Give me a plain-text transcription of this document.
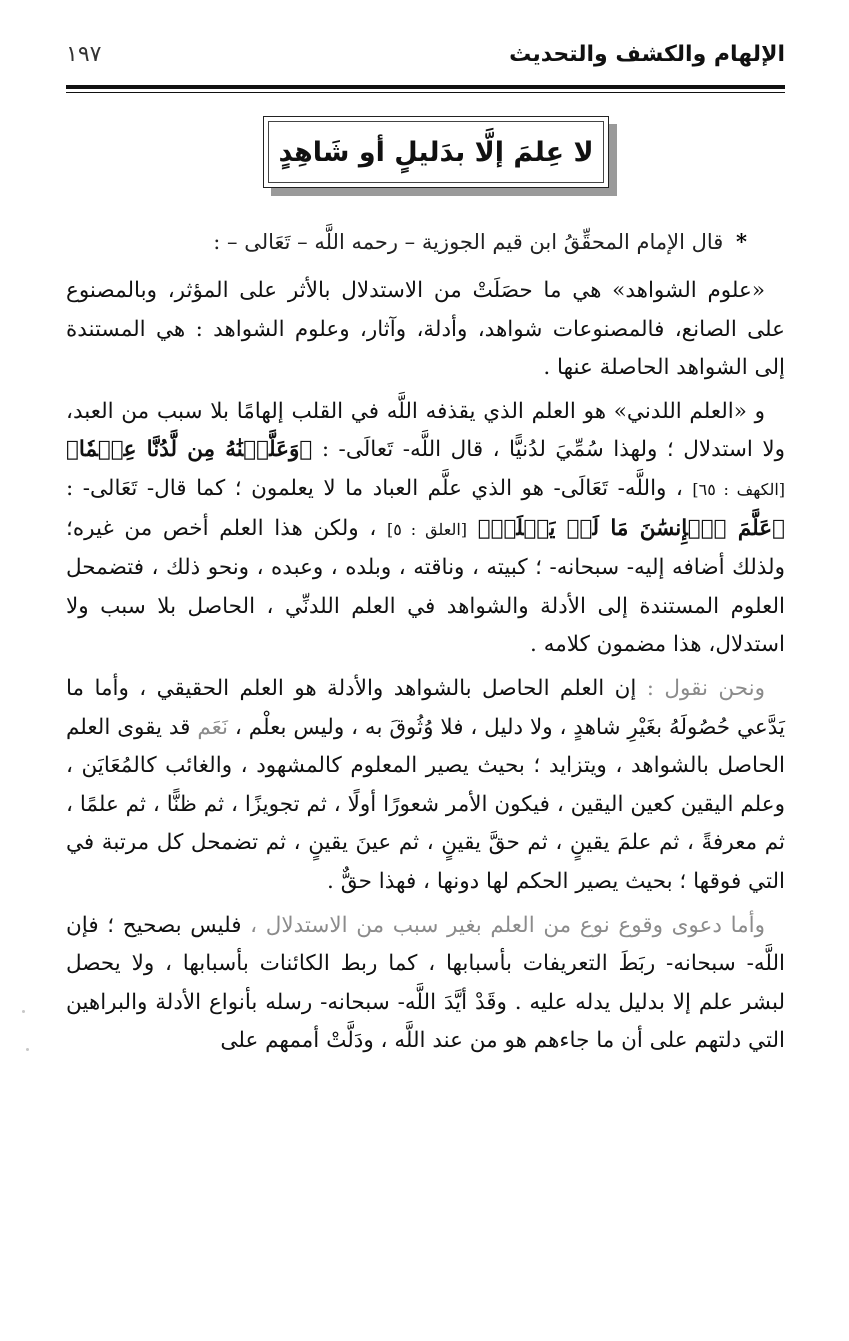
الإلهام والكشف والتحديث
١٩٧
لا عِلمَ إلَّا بدَليلٍ أو شَاهِدٍ
* قال الإمام المحقِّقُ ابن قيم الجوزية – رحمه اللَّه – تَعَالى – :

«علوم الشواهد» هي ما حصَلَتْ من الاستدلال بالأثر على المؤثر، وبالمصنوع على الصانع، فالمصنوعات شواهد، وأدلة، وآثار، وعلوم الشواهد : هي المستندة إلى الشواهد الحاصلة عنها .

و «العلم اللدني» هو العلم الذي يقذفه اللَّه في القلب إلهامًا بلا سبب من العبد، ولا استدلال ؛ ولهذا سُمِّيَ لدُنيًّا ، قال اللَّه- تَعالَى- : ﴿وَعَلَّمۡنَٰهُ مِن لَّدُنَّا عِلۡمٗا﴾ [الكهف : ٦٥] ، واللَّه- تَعَالَى- هو الذي علَّم العباد ما لا يعلمون ؛ كما قال- تَعَالى- : ﴿عَلَّمَ ٱلۡإِنسَٰنَ مَا لَمۡ يَعۡلَمۡ﴾ [العلق : ٥] ، ولكن هذا العلم أخص من غيره؛ ولذلك أضافه إليه- سبحانه- ؛ كبيته ، وناقته ، وبلده ، وعبده ، ونحو ذلك ، فتضمحل العلوم المستندة إلى الأدلة والشواهد في العلم اللدنِّي ، الحاصل بلا سبب ولا استدلال، هذا مضمون كلامه .

ونحن نقول : إن العلم الحاصل بالشواهد والأدلة هو العلم الحقيقي ، وأما ما يَدَّعي حُصُولَهُ بغَيْرِ شاهدٍ ، ولا دليل ، فلا وُثُوقَ به ، وليس بعلْم ، نَعَم قد يقوى العلم الحاصل بالشواهد ، ويتزايد ؛ بحيث يصير المعلوم كالمشهود ، والغائب كالمُعَايَن ، وعلم اليقين كعين اليقين ، فيكون الأمر شعورًا أولًا ، ثم تجويزًا ، ثم ظنًّا ، ثم علمًا ، ثم معرفةً ، ثم علمَ يقينٍ ، ثم حقَّ يقينٍ ، ثم عينَ يقينٍ ، ثم تضمحل كل مرتبة في التي فوقها ؛ بحيث يصير الحكم لها دونها ، فهذا حقٌّ .

وأما دعوى وقوع نوع من العلم بغير سبب من الاستدلال ، فليس بصحيح ؛ فإن اللَّه- سبحانه- ربَطَ التعريفات بأسبابها ، كما ربط الكائنات بأسبابها ، ولا يحصل لبشر علم إلا بدليل يدله عليه . وقَدْ أيَّدَ اللَّه- سبحانه- رسله بأنواع الأدلة والبراهين التي دلتهم على أن ما جاءهم هو من عند اللَّه ، ودَلَّتْ أممهم على
